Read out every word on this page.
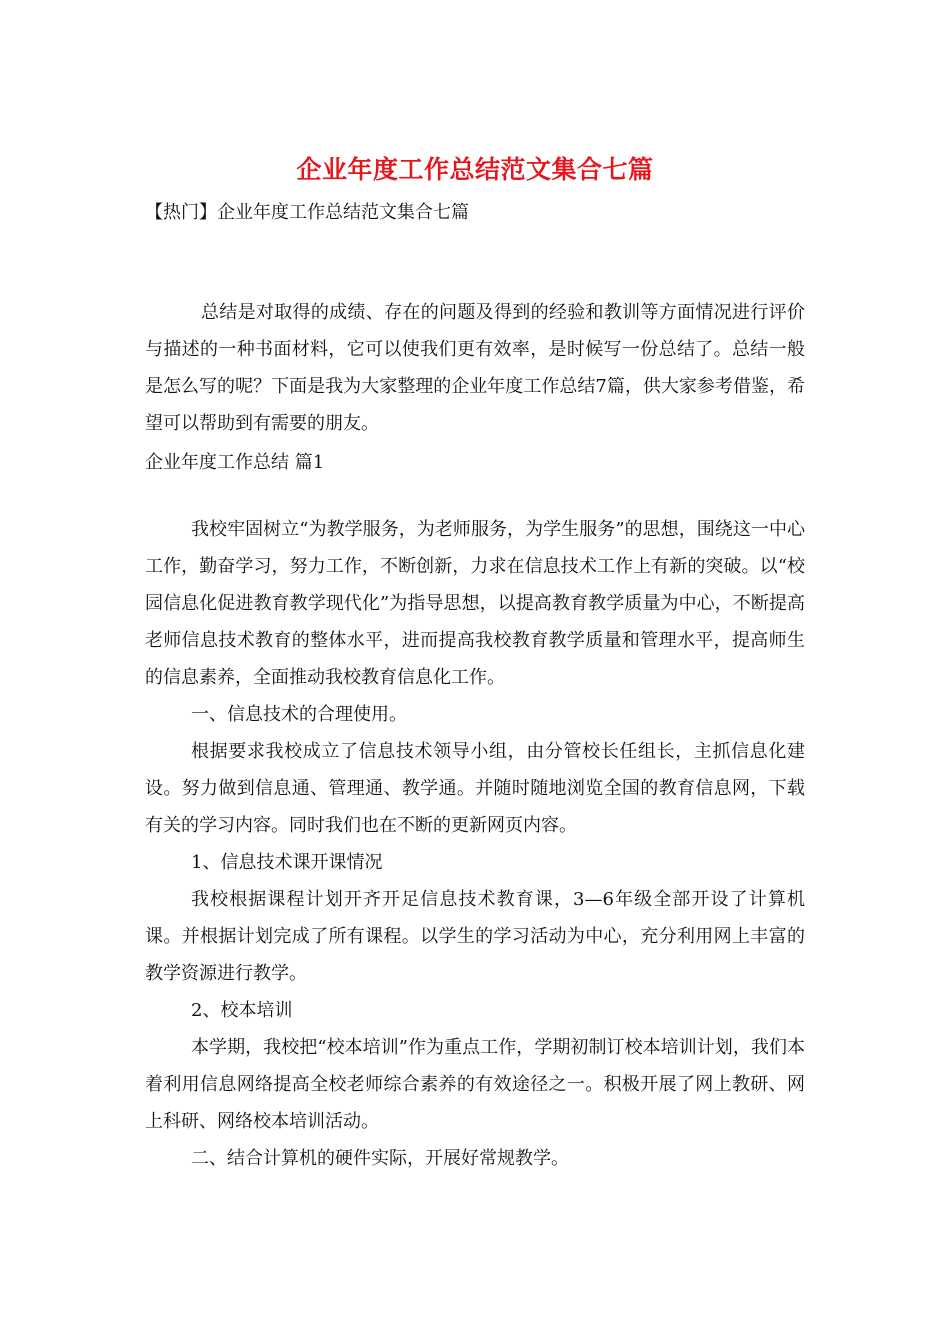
企业年度工作总结范文集合七篇
【热门】企业年度工作总结范文集合七篇

总结是对取得的成绩、存在的问题及得到的经验和教训等方面情况进行评价与描述的一种书面材料，它可以使我们更有效率，是时候写一份总结了。总结一般是怎么写的呢？下面是我为大家整理的企业年度工作总结7篇，供大家参考借鉴，希望可以帮助到有需要的朋友。

企业年度工作总结 篇1

我校牢固树立“为教学服务，为老师服务，为学生服务”的思想，围绕这一中心工作，勤奋学习，努力工作，不断创新，力求在信息技术工作上有新的突破。以“校园信息化促进教育教学现代化”为指导思想，以提高教育教学质量为中心，不断提高老师信息技术教育的整体水平，进而提高我校教育教学质量和管理水平，提高师生的信息素养，全面推动我校教育信息化工作。

一、信息技术的合理使用。

根据要求我校成立了信息技术领导小组，由分管校长任组长，主抓信息化建设。努力做到信息通、管理通、教学通。并随时随地浏览全国的教育信息网，下载有关的学习内容。同时我们也在不断的更新网页内容。

1、信息技术课开课情况

我校根据课程计划开齐开足信息技术教育课，3—6年级全部开设了计算机课。并根据计划完成了所有课程。以学生的学习活动为中心，充分利用网上丰富的教学资源进行教学。

2、校本培训

本学期，我校把“校本培训”作为重点工作，学期初制订校本培训计划，我们本着利用信息网络提高全校老师综合素养的有效途径之一。积极开展了网上教研、网上科研、网络校本培训活动。

二、结合计算机的硬件实际，开展好常规教学。
